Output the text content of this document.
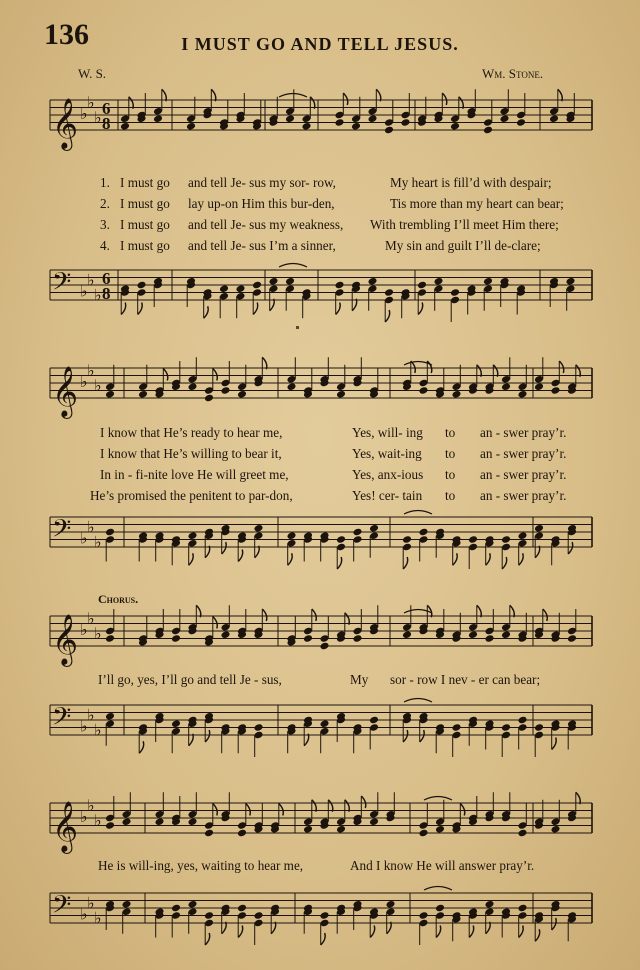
136	I MUST GO AND TELL JESUS.
W. S.	Wm. Stone.
𝄞
𝄢
♭
♭
♭
♭
♭
♭
6
8
6
8
𝄞
𝄢
♭
♭
♭
♭
♭
♭
𝄞
𝄢
♭
♭
♭
♭
♭
♭
𝄞
𝄢
♭
♭
♭
♭
♭
♭
1. I must go and tell Je- sus my sor- row,	My heart is fill’d with despair;
2. I must go lay up-on Him this bur-den,	Tis more than my heart can bear;
3. I must go and tell Je- sus my weakness, With trembling I’ll meet Him there;
4. I must go and tell Je- sus I’m a sinner,	My sin and guilt I’ll de-clare;
I know that He’s ready to hear me,	Yes, will- ing to an - swer pray’r.
I know that He’s willing to bear it,	Yes, wait-ing to an - swer pray’r.
In in - fi-nite love He will greet me,	Yes, anx-ious to an - swer pray’r.
He’s promised the penitent to par-don,	Yes! cer- tain to an - swer pray’r.
Chorus.
I’ll go, yes, I’ll go and tell Je - sus,	My sor - row I nev - er can bear;
He is will-ing, yes, waiting to hear me,	And I know He will answer pray’r.
